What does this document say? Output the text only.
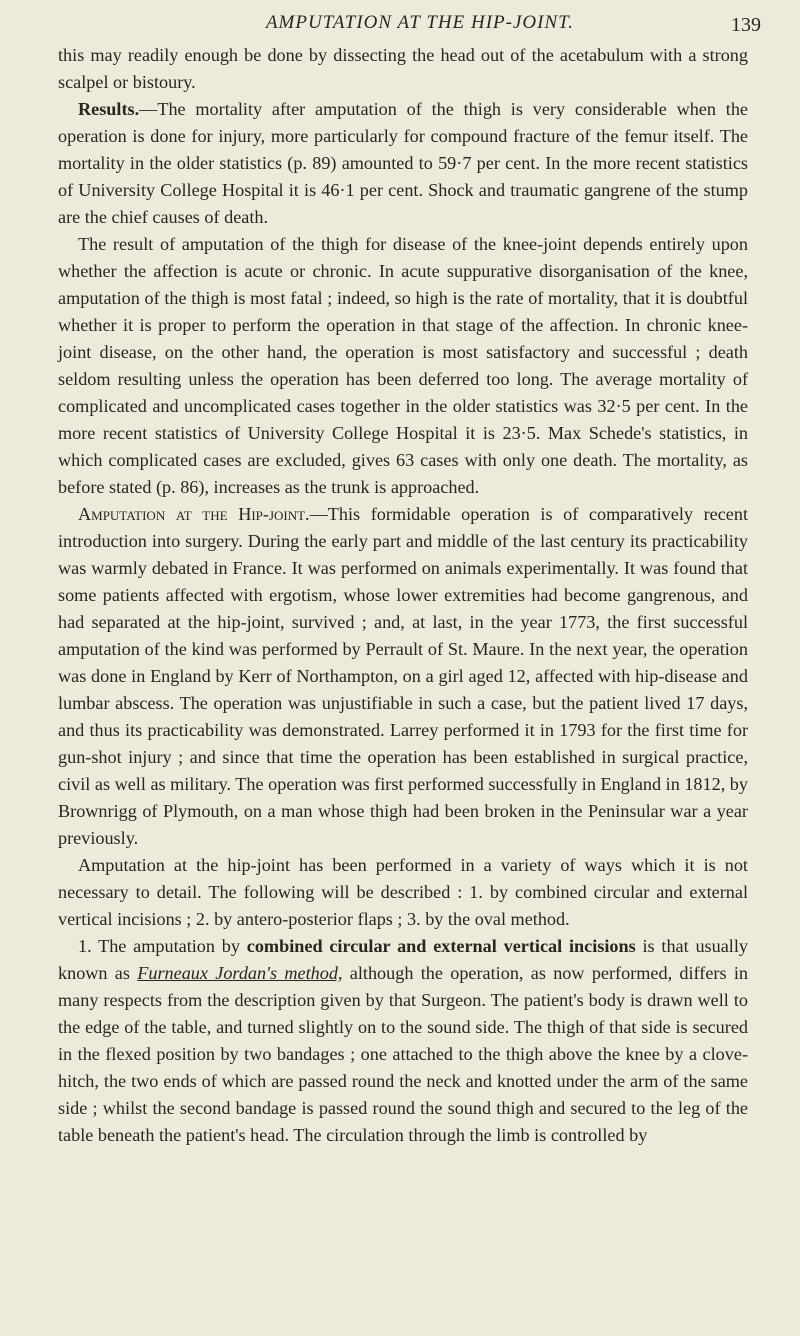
AMPUTATION AT THE HIP-JOINT.	139

this may readily enough be done by dissecting the head out of the acetabulum with a strong scalpel or bistoury.

Results.—The mortality after amputation of the thigh is very considerable when the operation is done for injury, more particularly for compound fracture of the femur itself. The mortality in the older statistics (p. 89) amounted to 59·7 per cent. In the more recent statistics of University College Hospital it is 46·1 per cent. Shock and traumatic gangrene of the stump are the chief causes of death.

The result of amputation of the thigh for disease of the knee-joint depends entirely upon whether the affection is acute or chronic. In acute suppurative disorganisation of the knee, amputation of the thigh is most fatal ; indeed, so high is the rate of mortality, that it is doubtful whether it is proper to perform the operation in that stage of the affection. In chronic knee-joint disease, on the other hand, the operation is most satisfactory and successful ; death seldom resulting unless the operation has been deferred too long. The average mortality of complicated and uncomplicated cases together in the older statistics was 32·5 per cent. In the more recent statistics of University College Hospital it is 23·5. Max Schede's statistics, in which complicated cases are excluded, gives 63 cases with only one death. The mortality, as before stated (p. 86), increases as the trunk is approached.

Amputation at the Hip-joint.—This formidable operation is of comparatively recent introduction into surgery. During the early part and middle of the last century its practicability was warmly debated in France. It was performed on animals experimentally. It was found that some patients affected with ergotism, whose lower extremities had become gangrenous, and had separated at the hip-joint, survived ; and, at last, in the year 1773, the first successful amputation of the kind was performed by Perrault of St. Maure. In the next year, the operation was done in England by Kerr of Northampton, on a girl aged 12, affected with hip-disease and lumbar abscess. The operation was unjustifiable in such a case, but the patient lived 17 days, and thus its practicability was demonstrated. Larrey performed it in 1793 for the first time for gun-shot injury ; and since that time the operation has been established in surgical practice, civil as well as military. The operation was first performed successfully in England in 1812, by Brownrigg of Plymouth, on a man whose thigh had been broken in the Peninsular war a year previously.

Amputation at the hip-joint has been performed in a variety of ways which it is not necessary to detail. The following will be described : 1. by combined circular and external vertical incisions ; 2. by antero-posterior flaps ; 3. by the oval method.

1. The amputation by combined circular and external vertical incisions is that usually known as Furneaux Jordan's method, although the operation, as now performed, differs in many respects from the description given by that Surgeon. The patient's body is drawn well to the edge of the table, and turned slightly on to the sound side. The thigh of that side is secured in the flexed position by two bandages ; one attached to the thigh above the knee by a clove-hitch, the two ends of which are passed round the neck and knotted under the arm of the same side ; whilst the second bandage is passed round the sound thigh and secured to the leg of the table beneath the patient's head. The circulation through the limb is controlled by
